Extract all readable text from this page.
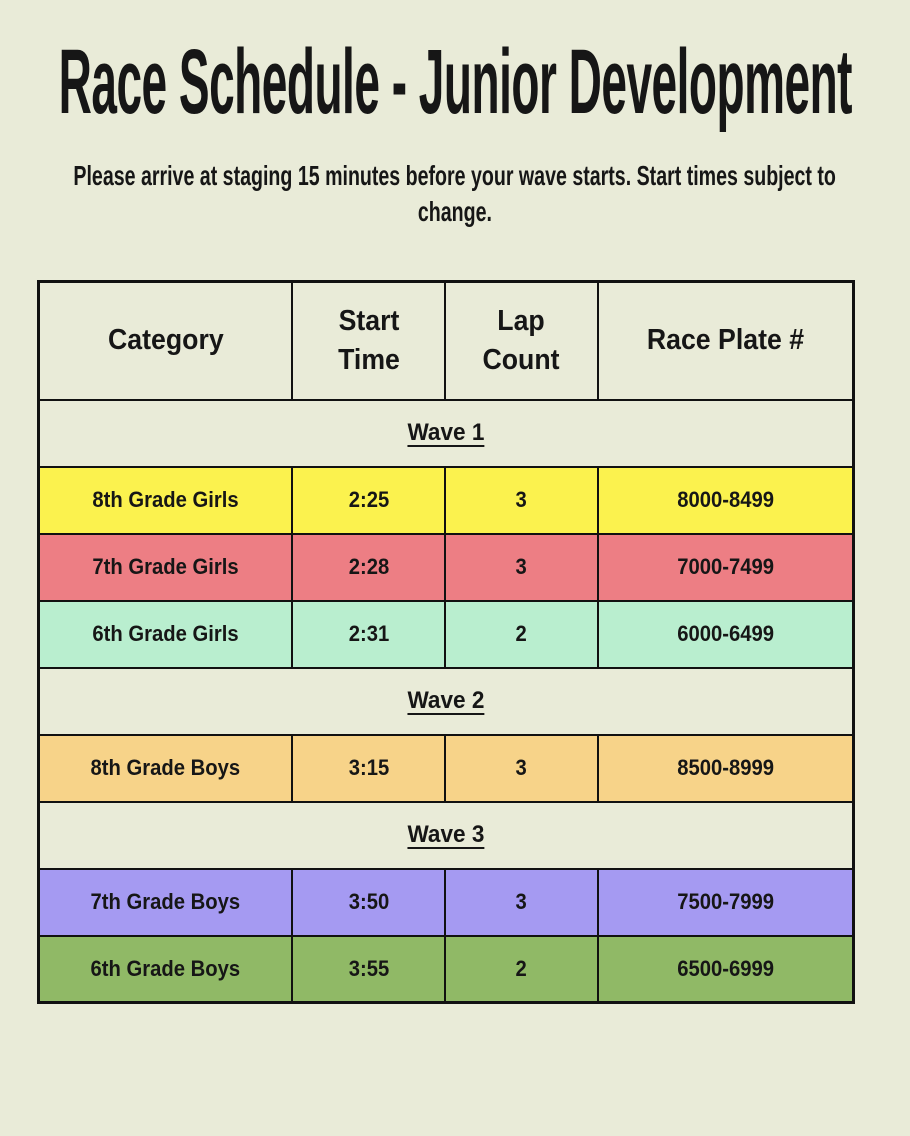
Race Schedule - Junior Development
Please arrive at staging 15 minutes before your wave starts. Start times subject to
change.
Category	Start Time	Lap Count	Race Plate #
Wave 1			
8th Grade Girls	2:25	3	8000-8499
7th Grade Girls	2:28	3	7000-7499
6th Grade Girls	2:31	2	6000-6499
Wave 2			
8th Grade Boys	3:15	3	8500-8999
Wave 3			
7th Grade Boys	3:50	3	7500-7999
6th Grade Boys	3:55	2	6500-6999
